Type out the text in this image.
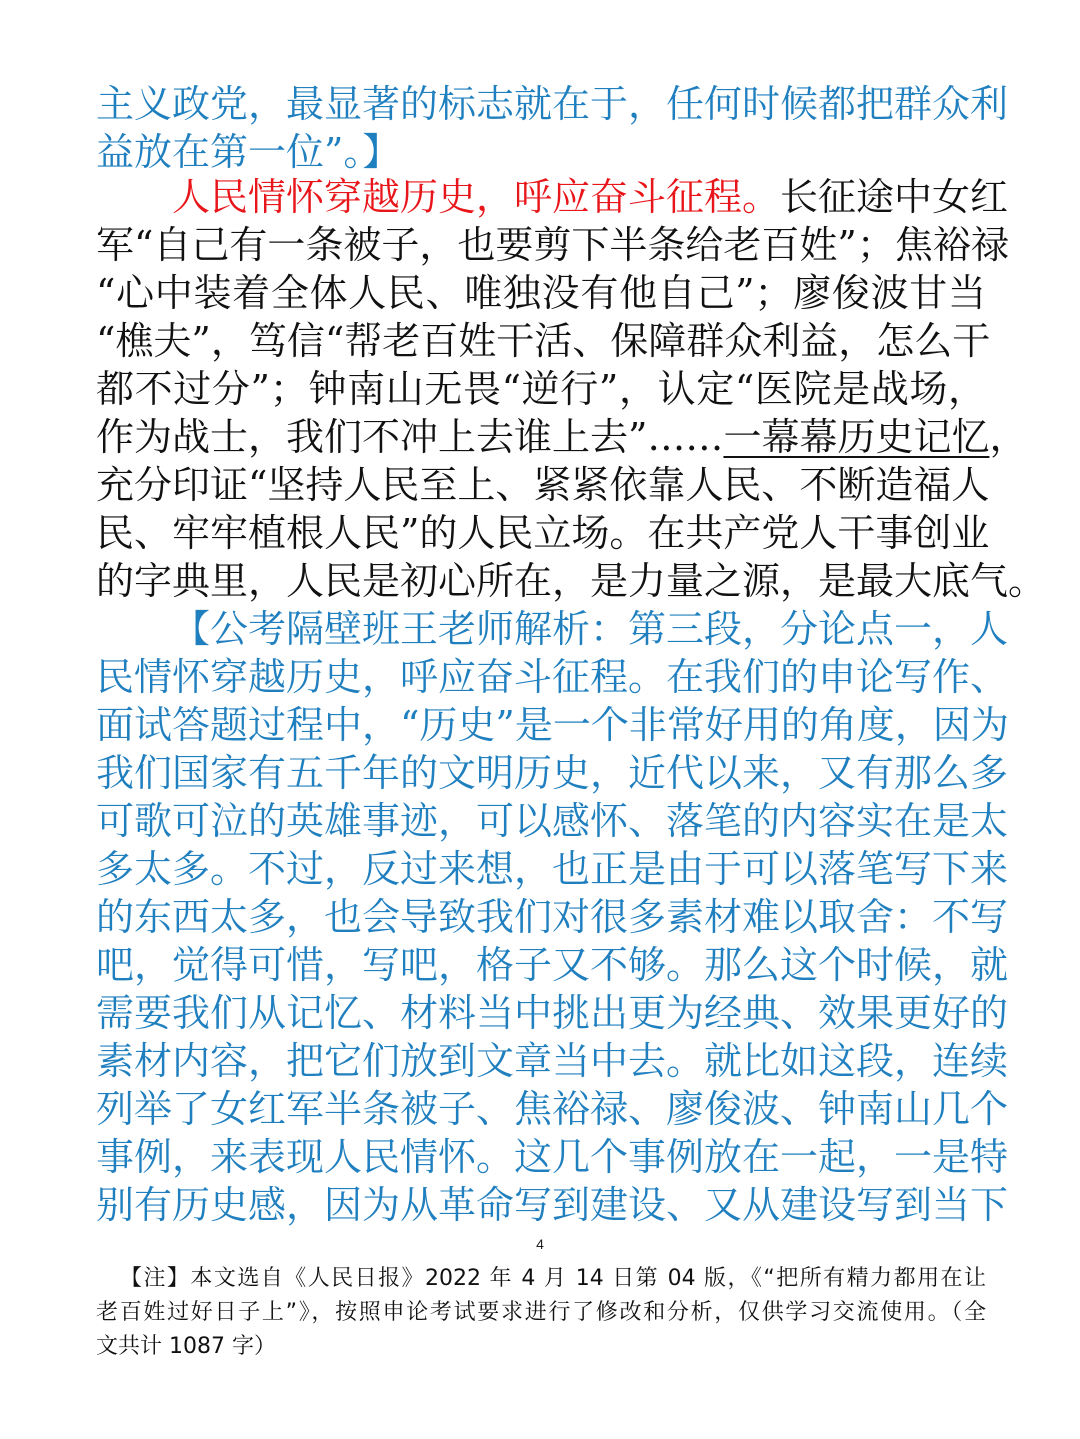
主义政党，最显著的标志就在于，任何时候都把群众利
益放在第一位”。】
人民情怀穿越历史，呼应奋斗征程。长征途中女红
军“自己有一条被子，也要剪下半条给老百姓”；焦裕禄
“心中装着全体人民、唯独没有他自己”；廖俊波甘当
“樵夫”，笃信“帮老百姓干活、保障群众利益，怎么干
都不过分”；钟南山无畏“逆行”，认定“医院是战场，
作为战士，我们不冲上去谁上去”……一幕幕历史记忆，
充分印证“坚持人民至上、紧紧依靠人民、不断造福人
民、牢牢植根人民”的人民立场。在共产党人干事创业
的字典里，人民是初心所在，是力量之源，是最大底气。
【公考隔壁班王老师解析：第三段，分论点一，人
民情怀穿越历史，呼应奋斗征程。在我们的申论写作、
面试答题过程中，“历史”是一个非常好用的角度，因为
我们国家有五千年的文明历史，近代以来，又有那么多
可歌可泣的英雄事迹，可以感怀、落笔的内容实在是太
多太多。不过，反过来想，也正是由于可以落笔写下来
的东西太多，也会导致我们对很多素材难以取舍：不写
吧，觉得可惜，写吧，格子又不够。那么这个时候，就
需要我们从记忆、材料当中挑出更为经典、效果更好的
素材内容，把它们放到文章当中去。就比如这段，连续
列举了女红军半条被子、焦裕禄、廖俊波、钟南山几个
事例，来表现人民情怀。这几个事例放在一起，一是特
别有历史感，因为从革命写到建设、又从建设写到当下
4
【注】本文选自《人民日报》2022 年 4 月 14 日第 04 版，《“把所有精力都用在让
老百姓过好日子上”》，按照申论考试要求进行了修改和分析，仅供学习交流使用。（全
文共计 1087 字）
